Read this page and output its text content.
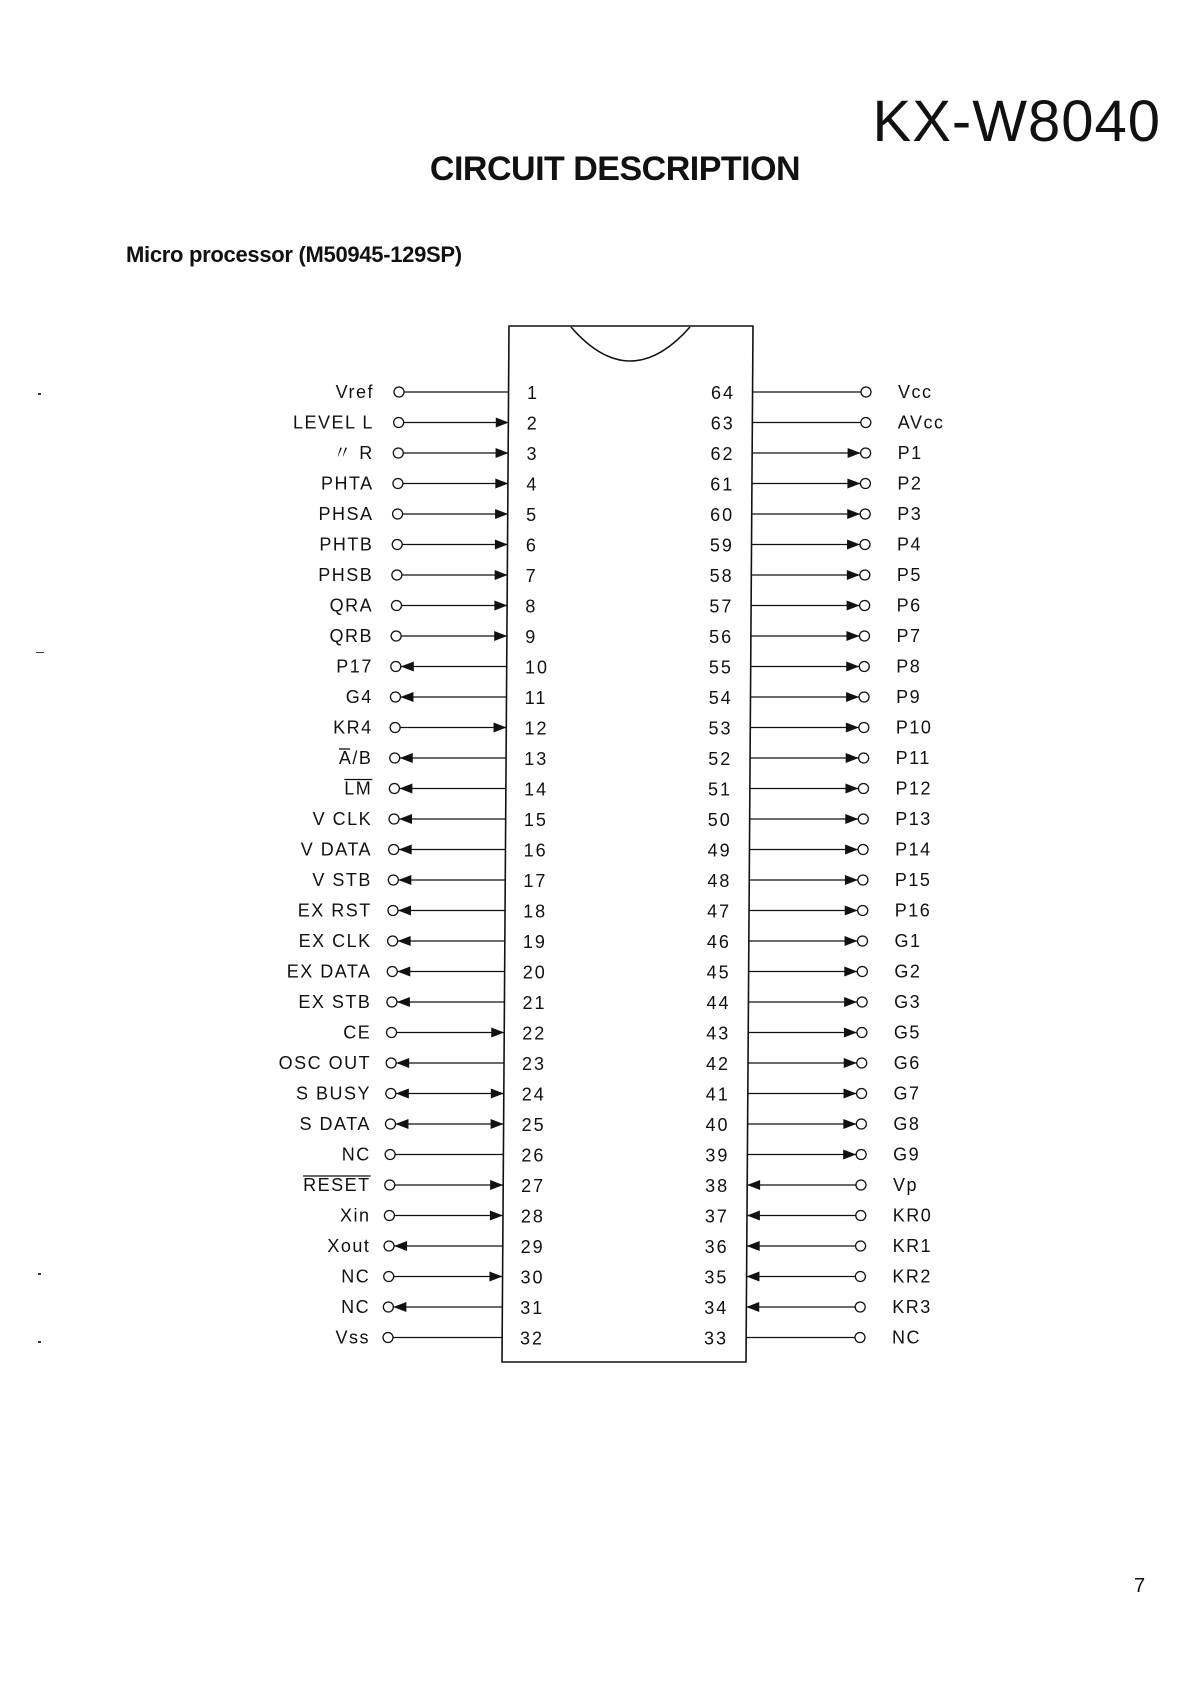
KX-W8040
CIRCUIT DESCRIPTION
Micro processor (M50945-129SP)
Vref	1
LEVEL L	2
〃 R	3
PHTA	4
PHSA	5
PHTB	6
PHSB	7
QRA	8
QRB	9
P17	10
G4	11
KR4	12
A/B	13
LM	14
V CLK	15
V DATA	16
V STB	17
EX RST	18
EX CLK	19
EX DATA	20
EX STB	21
CE	22
OSC OUT	23
S BUSY	24
S DATA	25
NC	26
RESET	27
Xin	28
Xout	29
NC	30
NC	31
Vss	32
64	Vcc
63	AVcc
62	P1
61	P2
60	P3
59	P4
58	P5
57	P6
56	P7
55	P8
54	P9
53	P10
52	P11
51	P12
50	P13
49	P14
48	P15
47	P16
46	G1
45	G2
44	G3
43	G5
42	G6
41	G7
40	G8
39	G9
38	Vp
37	KR0
36	KR1
35	KR2
34	KR3
33	NC
7
